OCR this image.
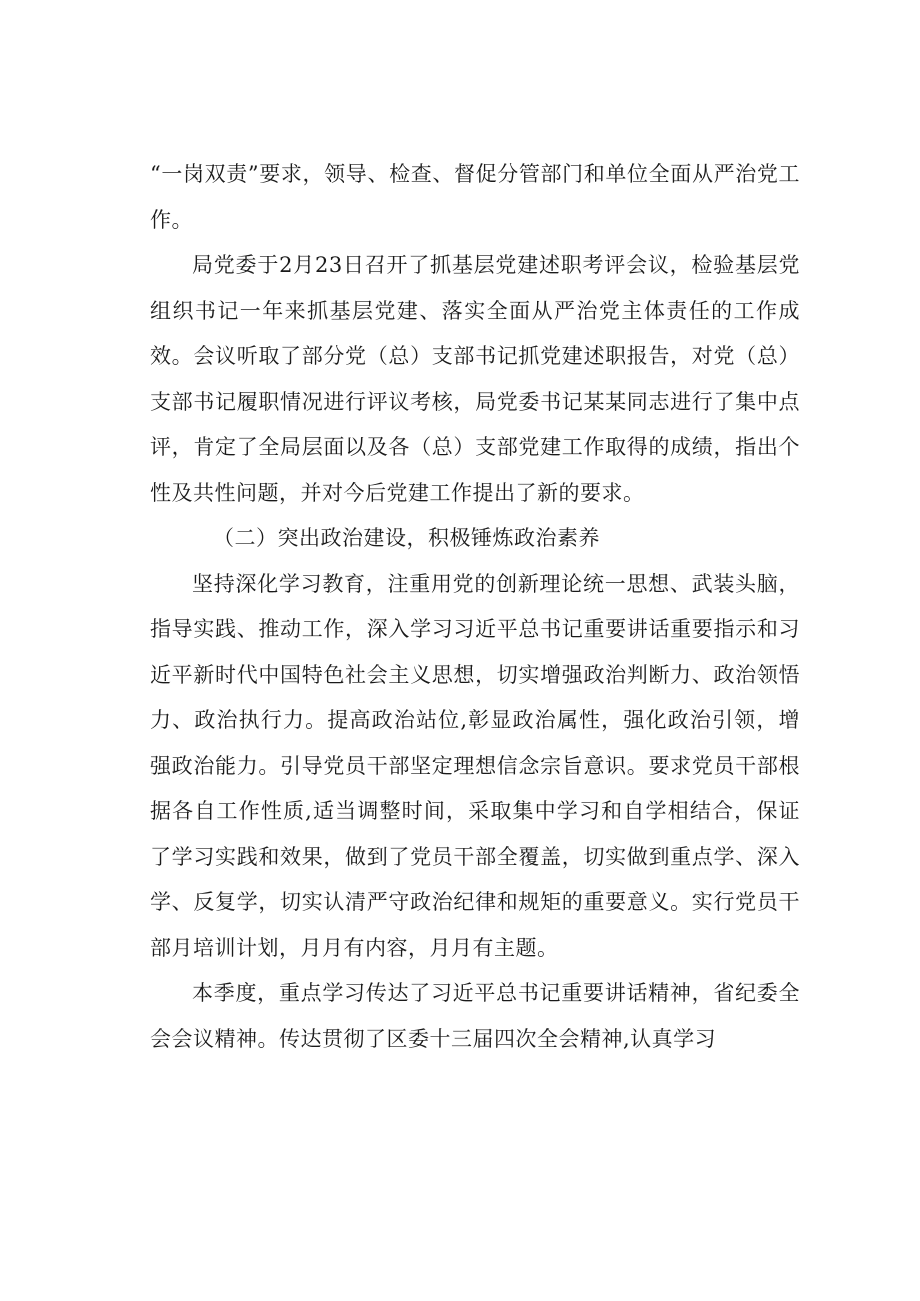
“一岗双责”要求，领导、检查、督促分管部门和单位全面从严治党工作。

局党委于2月23日召开了抓基层党建述职考评会议，检验基层党组织书记一年来抓基层党建、落实全面从严治党主体责任的工作成效。会议听取了部分党（总）支部书记抓党建述职报告，对党（总）支部书记履职情况进行评议考核，局党委书记某某同志进行了集中点评，肯定了全局层面以及各（总）支部党建工作取得的成绩，指出个性及共性问题，并对今后党建工作提出了新的要求。

（二）突出政治建设，积极锤炼政治素养

坚持深化学习教育，注重用党的创新理论统一思想、武装头脑，指导实践、推动工作，深入学习习近平总书记重要讲话重要指示和习近平新时代中国特色社会主义思想，切实增强政治判断力、政治领悟力、政治执行力。提高政治站位,彰显政治属性，强化政治引领，增强政治能力。引导党员干部坚定理想信念宗旨意识。要求党员干部根据各自工作性质,适当调整时间，采取集中学习和自学相结合，保证了学习实践和效果，做到了党员干部全覆盖，切实做到重点学、深入学、反复学，切实认清严守政治纪律和规矩的重要意义。实行党员干部月培训计划，月月有内容，月月有主题。

本季度，重点学习传达了习近平总书记重要讲话精神，省纪委全会会议精神。传达贯彻了区委十三届四次全会精神,认真学习
